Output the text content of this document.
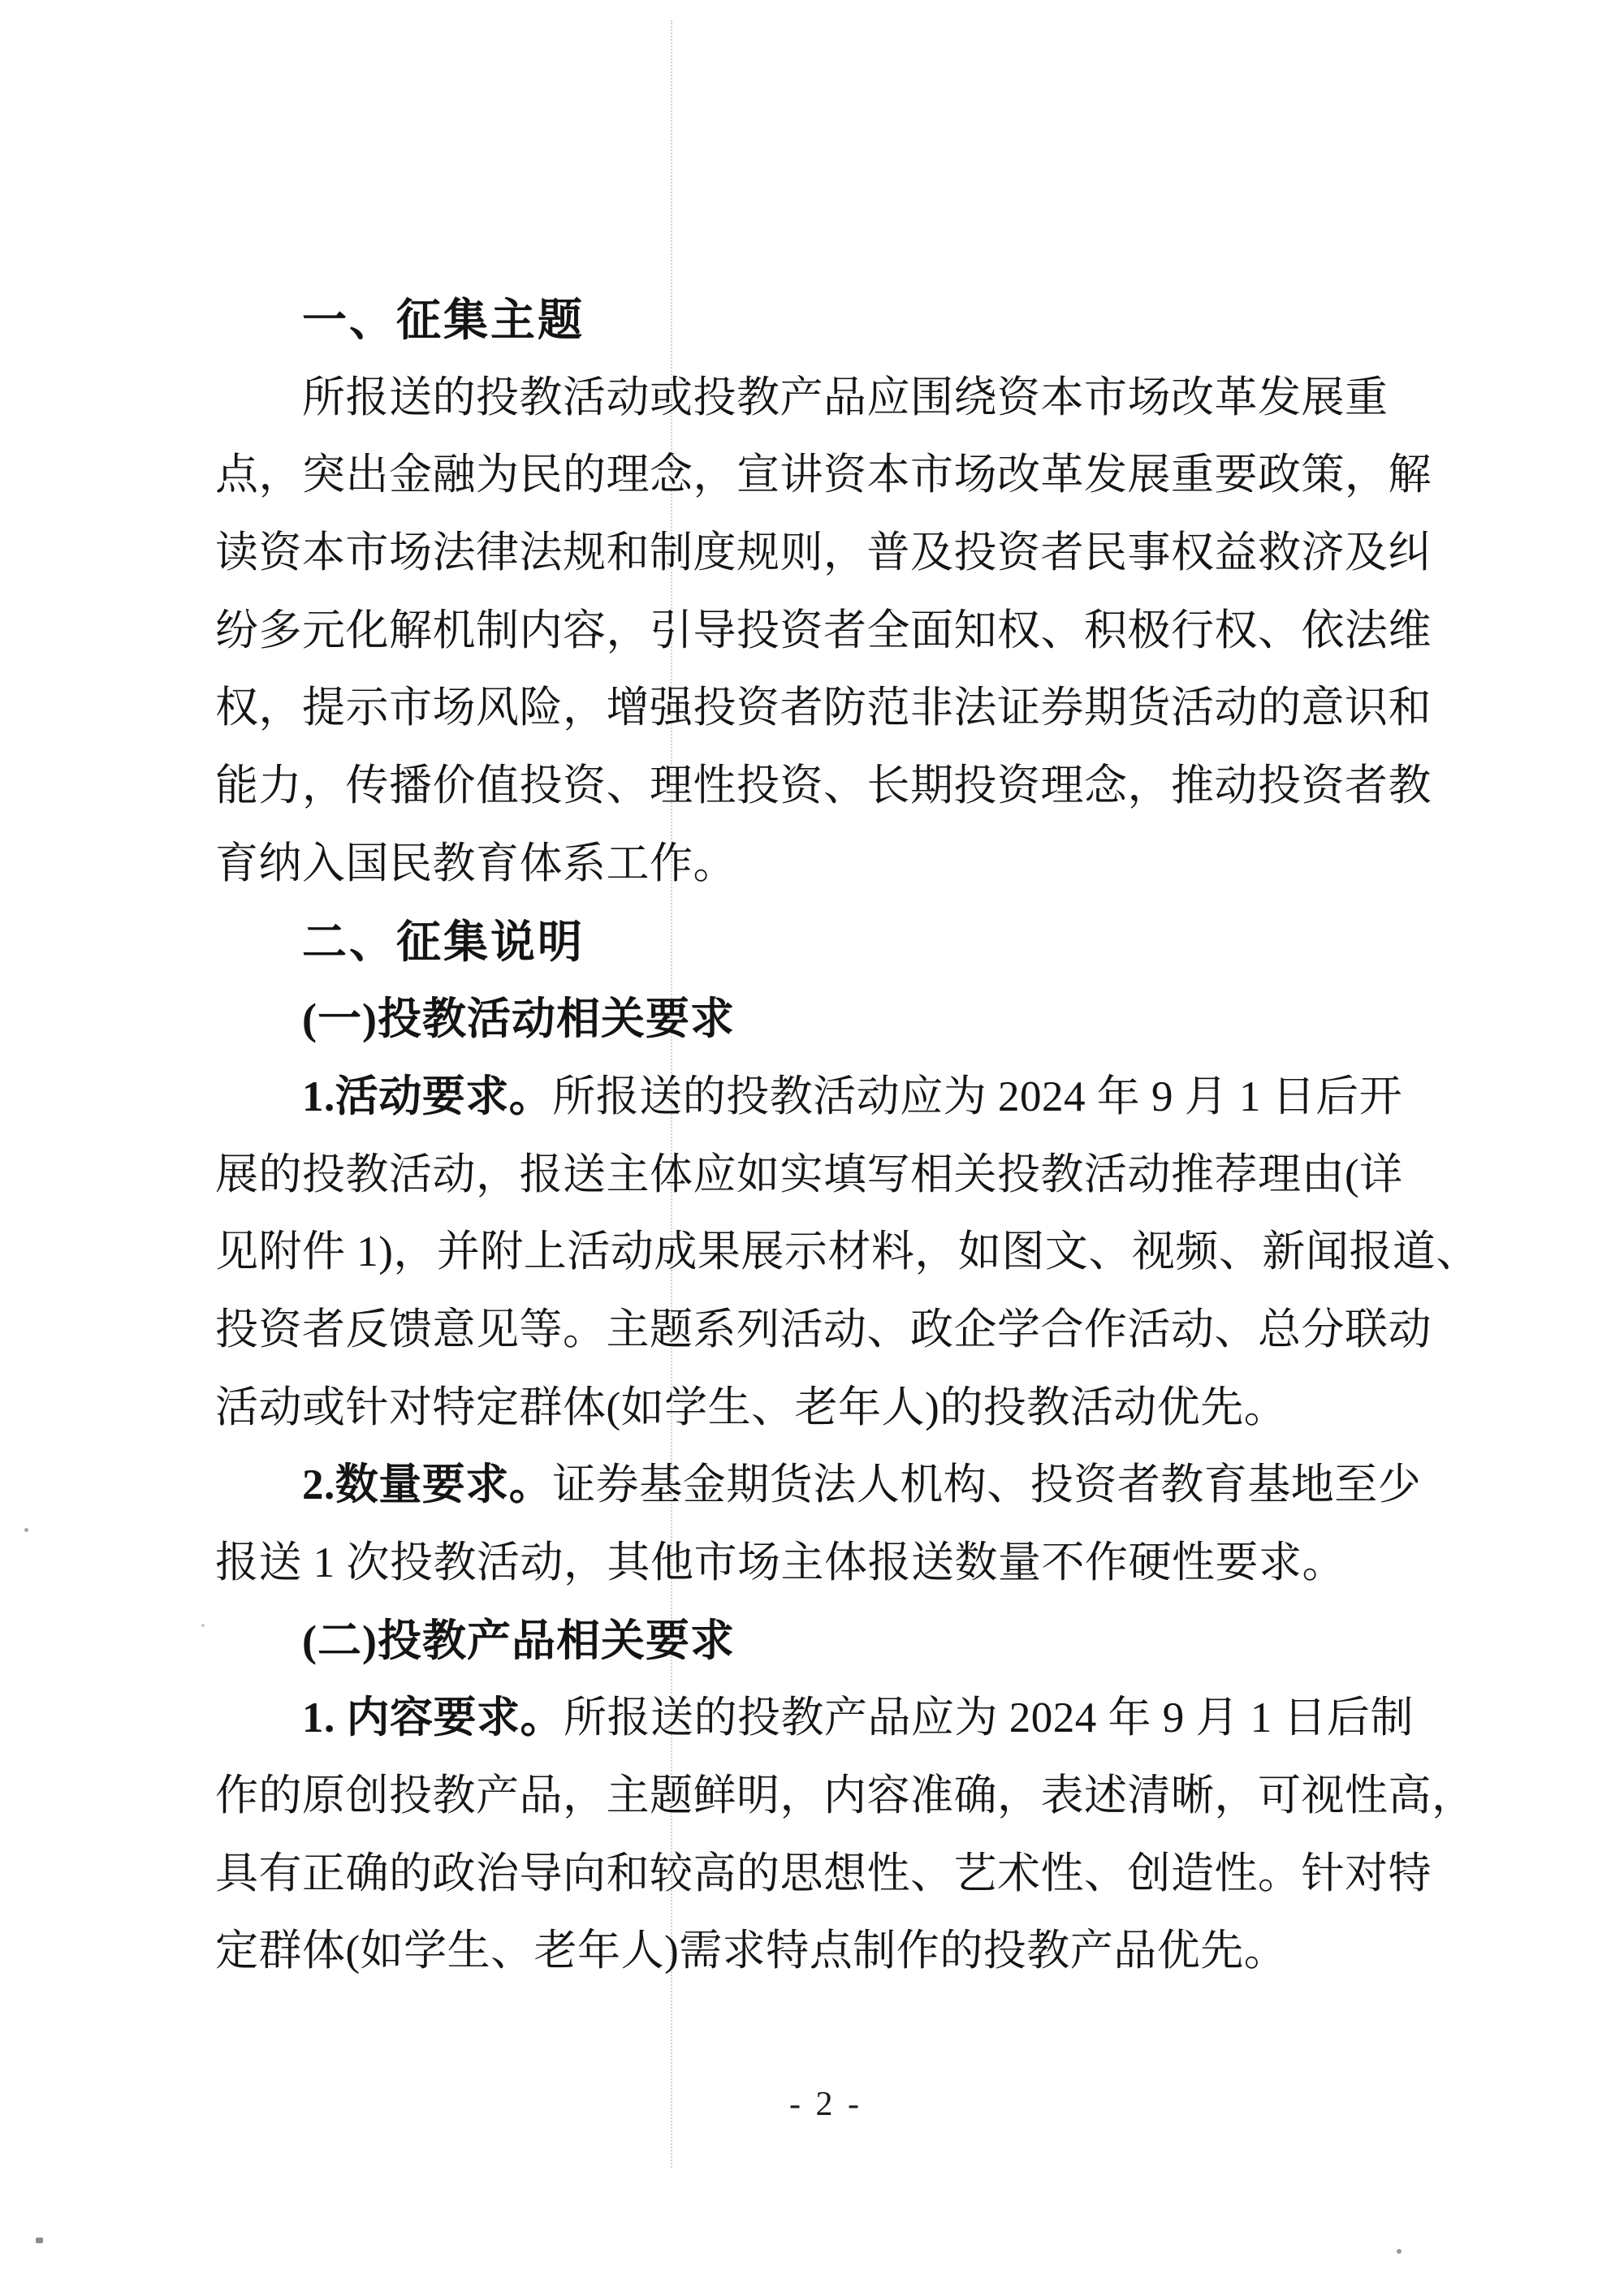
一、征集主题
所报送的投教活动或投教产品应围绕资本市场改革发展重
点，突出金融为民的理念，宣讲资本市场改革发展重要政策，解
读资本市场法律法规和制度规则，普及投资者民事权益救济及纠
纷多元化解机制内容，引导投资者全面知权、积极行权、依法维
权，提示市场风险，增强投资者防范非法证券期货活动的意识和
能力，传播价值投资、理性投资、长期投资理念，推动投资者教
育纳入国民教育体系工作。
二、征集说明
(一)投教活动相关要求
1.活动要求。所报送的投教活动应为 2024 年 9 月 1 日后开
展的投教活动，报送主体应如实填写相关投教活动推荐理由(详
见附件 1)，并附上活动成果展示材料，如图文、视频、新闻报道、
投资者反馈意见等。主题系列活动、政企学合作活动、总分联动
活动或针对特定群体(如学生、老年人)的投教活动优先。
2.数量要求。证券基金期货法人机构、投资者教育基地至少
报送 1 次投教活动，其他市场主体报送数量不作硬性要求。
(二)投教产品相关要求
1. 内容要求。所报送的投教产品应为 2024 年 9 月 1 日后制
作的原创投教产品，主题鲜明，内容准确，表述清晰，可视性高，
具有正确的政治导向和较高的思想性、艺术性、创造性。针对特
定群体(如学生、老年人)需求特点制作的投教产品优先。
- 2 -
